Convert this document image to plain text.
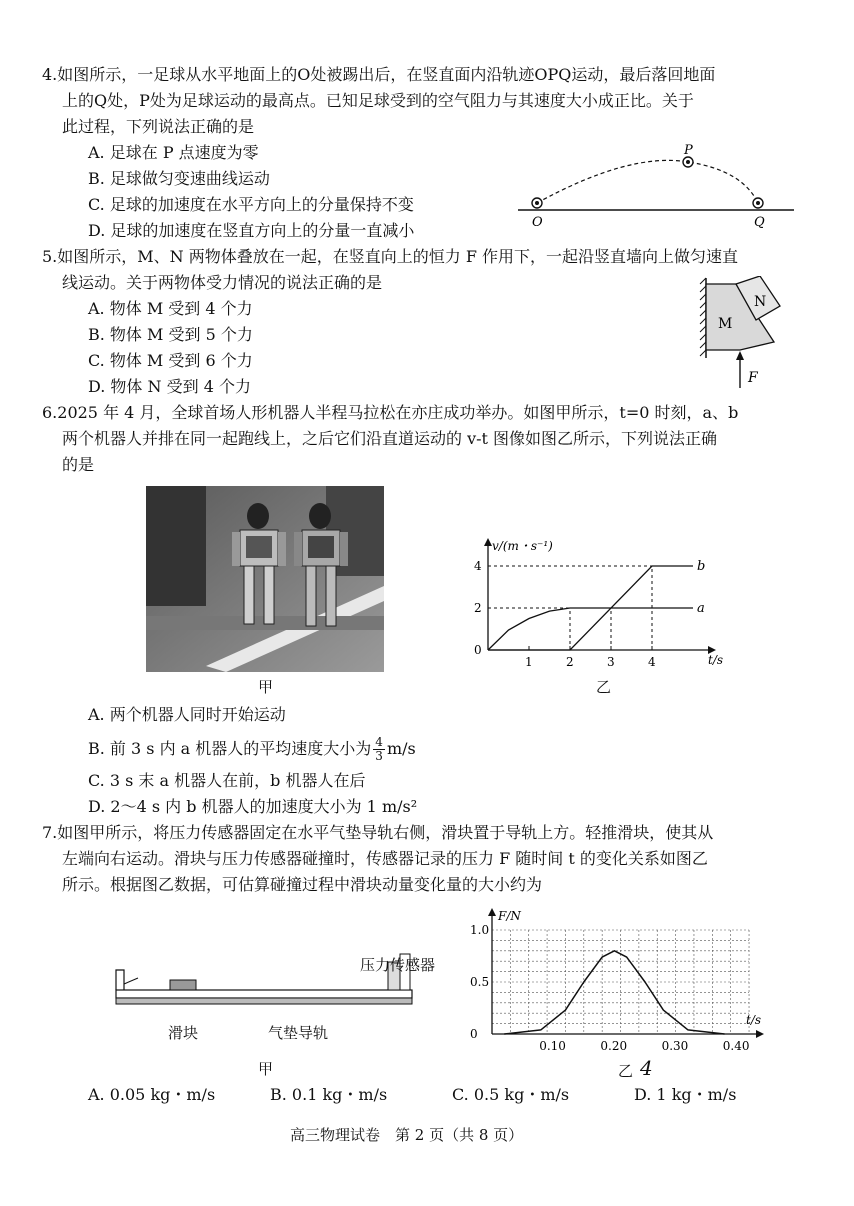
4.如图所示，一足球从水平地面上的O处被踢出后，在竖直面内沿轨迹OPQ运动，最后落回地面
上的Q处，P处为足球运动的最高点。已知足球受到的空气阻力与其速度大小成正比。关于
此过程，下列说法正确的是
A. 足球在 P 点速度为零
B. 足球做匀变速曲线运动
C. 足球的加速度在水平方向上的分量保持不变
D. 足球的加速度在竖直方向上的分量一直减小	O
P
Q
5.如图所示，M、N 两物体叠放在一起，在竖直向上的恒力 F 作用下，一起沿竖直墙向上做匀速直
线运动。关于两物体受力情况的说法正确的是
A. 物体 M 受到 4 个力
B. 物体 M 受到 5 个力
C. 物体 M 受到 6 个力
D. 物体 N 受到 4 个力
M
N
F
6.2025 年 4 月，全球首场人形机器人半程马拉松在亦庄成功举办。如图甲所示，t=0 时刻，a、b
两个机器人并排在同一起跑线上，之后它们沿直道运动的 v-t 图像如图乙所示，下列说法正确
的是
甲
v/(m・s⁻¹)
t/s
1	2	3	4
0
2
4
a
b
乙
A. 两个机器人同时开始运动
B. 前 3 s 内 a 机器人的平均速度大小为 $\frac{4}{3} m/s$
C. 3 s 末 a 机器人在前，b 机器人在后
D. 2～4 s 内 b 机器人的加速度大小为 1 m/s²
7.如图甲所示，将压力传感器固定在水平气垫导轨右侧，滑块置于导轨上方。轻推滑块，使其从
左端向右运动。滑块与压力传感器碰撞时，传感器记录的压力 F 随时间 t 的变化关系如图乙
所示。根据图乙数据，可估算碰撞过程中滑块动量变化量的大小约为
压力传感器
滑块	气垫导轨
甲
F/N
t/s
0.10	0.20	0.30	0.40
0
0.5
1.0
乙 4
A. 0.05 kg・m/s	B. 0.1 kg・m/s	C. 0.5 kg・m/s	D. 1 kg・m/s
高三物理试卷　第 2 页（共 8 页）
